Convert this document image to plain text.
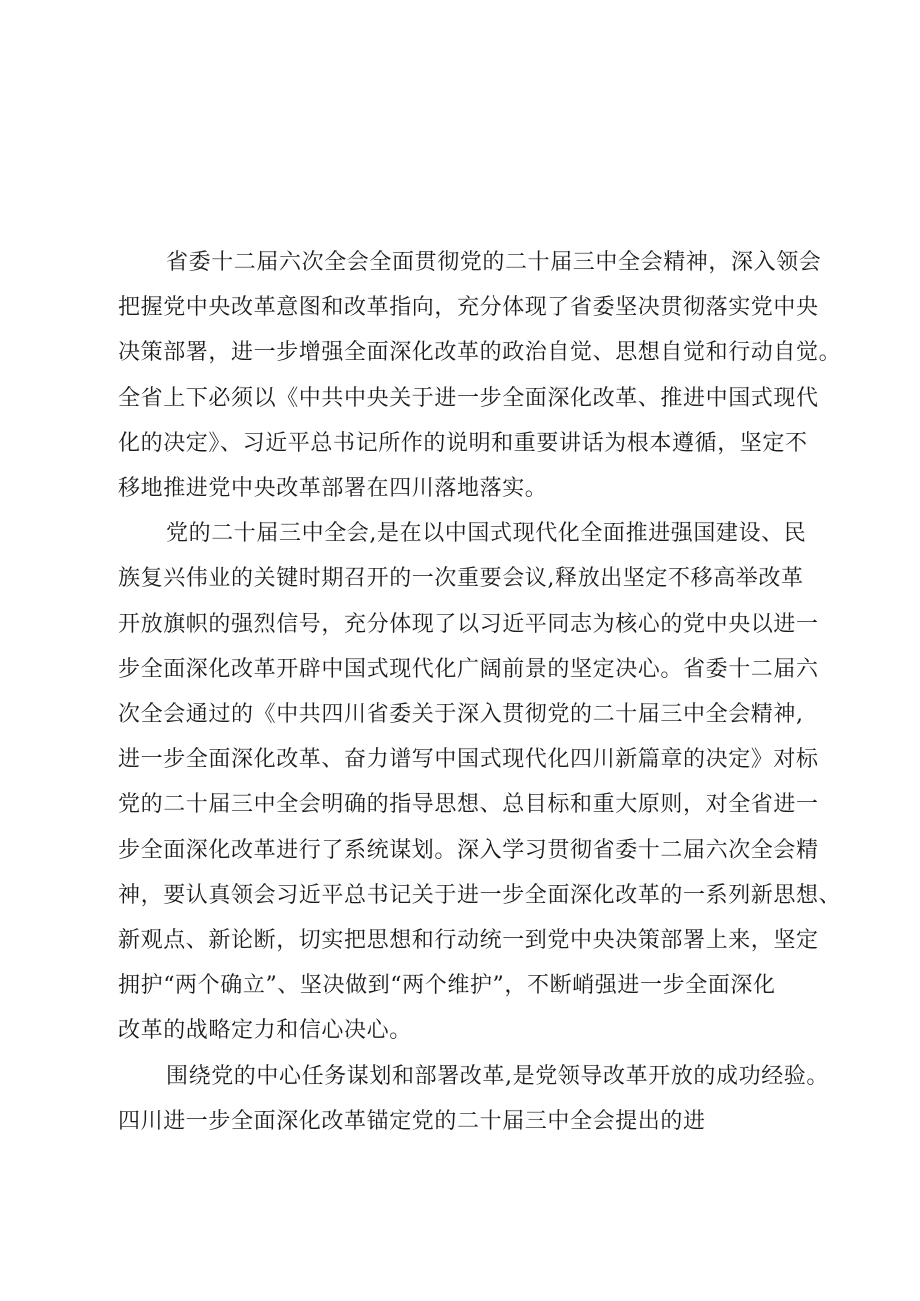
省委十二届六次全会全面贯彻党的二十届三中全会精神，深入领会
把握党中央改革意图和改革指向，充分体现了省委坚决贯彻落实党中央
决策部署，进一步增强全面深化改革的政治自觉、思想自觉和行动自觉。
全省上下必须以《中共中央关于进一步全面深化改革、推进中国式现代
化的决定》、习近平总书记所作的说明和重要讲话为根本遵循，坚定不
移地推进党中央改革部署在四川落地落实。

党的二十届三中全会,是在以中国式现代化全面推进强国建设、民
族复兴伟业的关键时期召开的一次重要会议,释放出坚定不移高举改革
开放旗帜的强烈信号，充分体现了以习近平同志为核心的党中央以进一
步全面深化改革开辟中国式现代化广阔前景的坚定决心。省委十二届六
次全会通过的《中共四川省委关于深入贯彻党的二十届三中全会精神,
进一步全面深化改革、奋力谱写中国式现代化四川新篇章的决定》对标
党的二十届三中全会明确的指导思想、总目标和重大原则，对全省进一
步全面深化改革进行了系统谋划。深入学习贯彻省委十二届六次全会精
神，要认真领会习近平总书记关于进一步全面深化改革的一系列新思想、
新观点、新论断，切实把思想和行动统一到党中央决策部署上来，坚定
拥护“两个确立”、坚决做到“两个维护”，不断峭强进一步全面深化
改革的战略定力和信心决心。

围绕党的中心任务谋划和部署改革,是党领导改革开放的成功经验。
四川进一步全面深化改革锚定党的二十届三中全会提出的进
